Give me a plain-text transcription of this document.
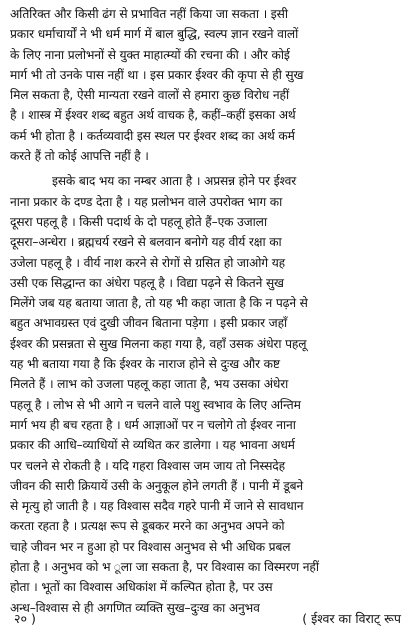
अतिरिक्त और किसी ढंग से प्रभावित नहीं किया जा सकता । इसी
प्रकार धर्माचार्यों ने भी धर्म मार्ग में बाल बुद्धि, स्वल्प ज्ञान रखने वालों
के लिए नाना प्रलोभनों से युक्त माहात्म्यों की रचना की । और कोई
मार्ग भी तो उनके पास नहीं था । इस प्रकार ईश्वर की कृपा से ही सुख
मिल सकता है, ऐसी मान्यता रखने वालों से हमारा कुछ विरोध नहीं
है । शास्त्र में ईश्वर शब्द बहुत अर्थ वाचक है, कहीं–कहीं इसका अर्थ
कर्म भी होता है । कर्तव्यवादी इस स्थल पर ईश्वर शब्द का अर्थ कर्म
करते हैं तो कोई आपत्ति नहीं है ।
इसके बाद भय का नम्बर आता है । अप्रसन्न होने पर ईश्वर
नाना प्रकार के दण्ड देता है । यह प्रलोभन वाले उपरोक्त भाग का
दूसरा पहलू है । किसी पदार्थ के दो पहलू होते हैं–एक उजाला
दूसरा–अन्धेरा । ब्रह्मचर्य रखने से बलवान बनोगे यह वीर्य रक्षा का
उजेला पहलू है । वीर्य नाश करने से रोगों से ग्रसित हो जाओगे यह
उसी एक सिद्धान्त का अंधेरा पहलू है । विद्या पढ़ने से कितने सुख
मिलेंगे जब यह बताया जाता है, तो यह भी कहा जाता है कि न पढ़ने से
बहुत अभावग्रस्त एवं दुखी जीवन बिताना पड़ेगा । इसी प्रकार जहाँ
ईश्वर की प्रसन्नता से सुख मिलना कहा गया है, वहाँ उसक अंधेरा पहलू
यह भी बताया गया है कि ईश्वर के नाराज होने से दुःख और कष्ट
मिलते हैं । लाभ को उजला पहलू कहा जाता है, भय उसका अंधेरा
पहलू है । लोभ से भी आगे न चलने वाले पशु स्वभाव के लिए अन्तिम
मार्ग भय ही बच रहता है । धर्म आज्ञाओं पर न चलोगे तो ईश्वर नाना
प्रकार की आधि–व्याधियों से व्यथित कर डालेगा । यह भावना अधर्म
पर चलने से रोकती है । यदि गहरा विश्वास जम जाय तो निस्सदेह
जीवन की सारी क्रियायें उसी के अनुकूल होने लगती हैं । पानी में डूबने
से मृत्यु हो जाती है । यह विश्वास सदैव गहरे पानी में जाने से सावधान
करता रहता है । प्रत्यक्ष रूप से डूबकर मरने का अनुभव अपने को
चाहे जीवन भर न हुआ हो पर विश्वास अनुभव से भी अधिक प्रबल
होता है । अनुभव को भ ूला जा सकता है, पर विश्वास का विस्मरण नहीं
होता । भूतों का विश्वास अधिकांश में कल्पित होता है, पर उस
अन्ध–विश्वास से ही अगणित व्यक्ति सुख–दुःख का अनुभव
२० )	( ईश्वर का विराट् रूप
